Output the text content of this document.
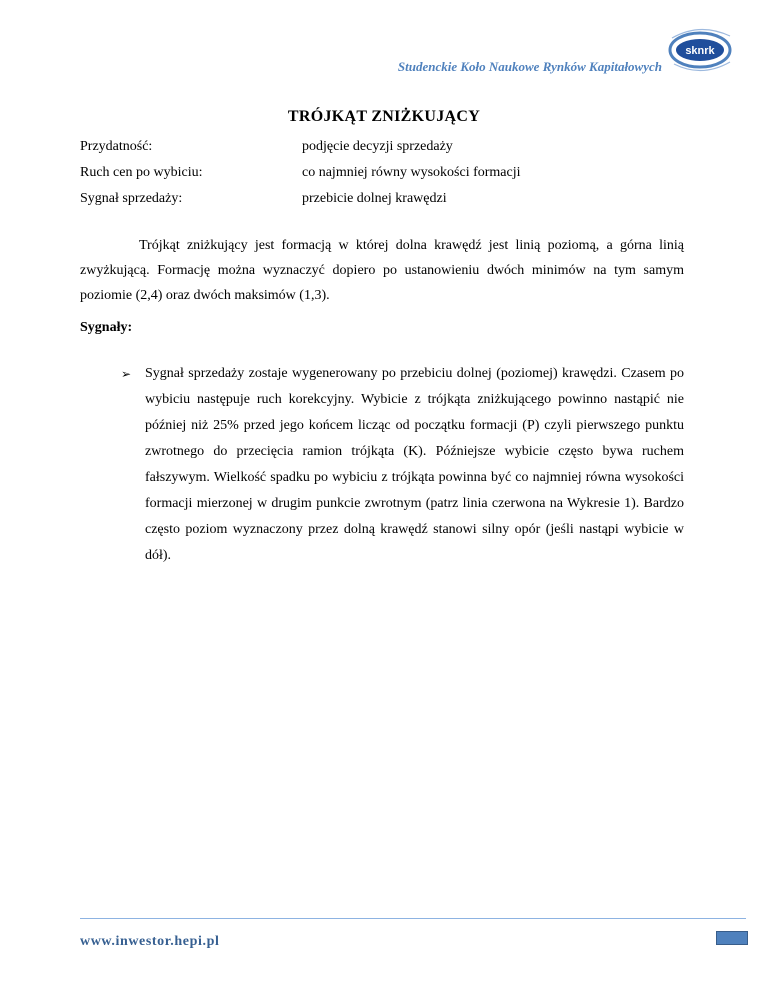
Studenckie Koło Naukowe Rynków Kapitałowych
sknrk
TRÓJKĄT ZNIŻKUJĄCY
Przydatność:	podjęcie decyzji sprzedaży
Ruch cen po wybiciu:	co najmniej równy wysokości formacji
Sygnał sprzedaży:	przebicie dolnej krawędzi

Trójkąt zniżkujący jest formacją w której dolna krawędź jest linią poziomą, a górna linią zwyżkującą. Formację można wyznaczyć dopiero po ustanowieniu dwóch minimów na tym samym poziomie (2,4) oraz dwóch maksimów (1,3).

Sygnały:
➢ Sygnał sprzedaży zostaje wygenerowany po przebiciu dolnej (poziomej) krawędzi. Czasem po wybiciu następuje ruch korekcyjny. Wybicie z trójkąta zniżkującego powinno nastąpić nie później niż 25% przed jego końcem licząc od początku formacji (P) czyli pierwszego punktu zwrotnego do przecięcia ramion trójkąta (K). Późniejsze wybicie często bywa ruchem fałszywym. Wielkość spadku po wybiciu z trójkąta powinna być co najmniej równa wysokości formacji mierzonej w drugim punkcie zwrotnym (patrz linia czerwona na Wykresie 1). Bardzo często poziom wyznaczony przez dolną krawędź stanowi silny opór (jeśli nastąpi wybicie w dół).
www.inwestor.hepi.pl
